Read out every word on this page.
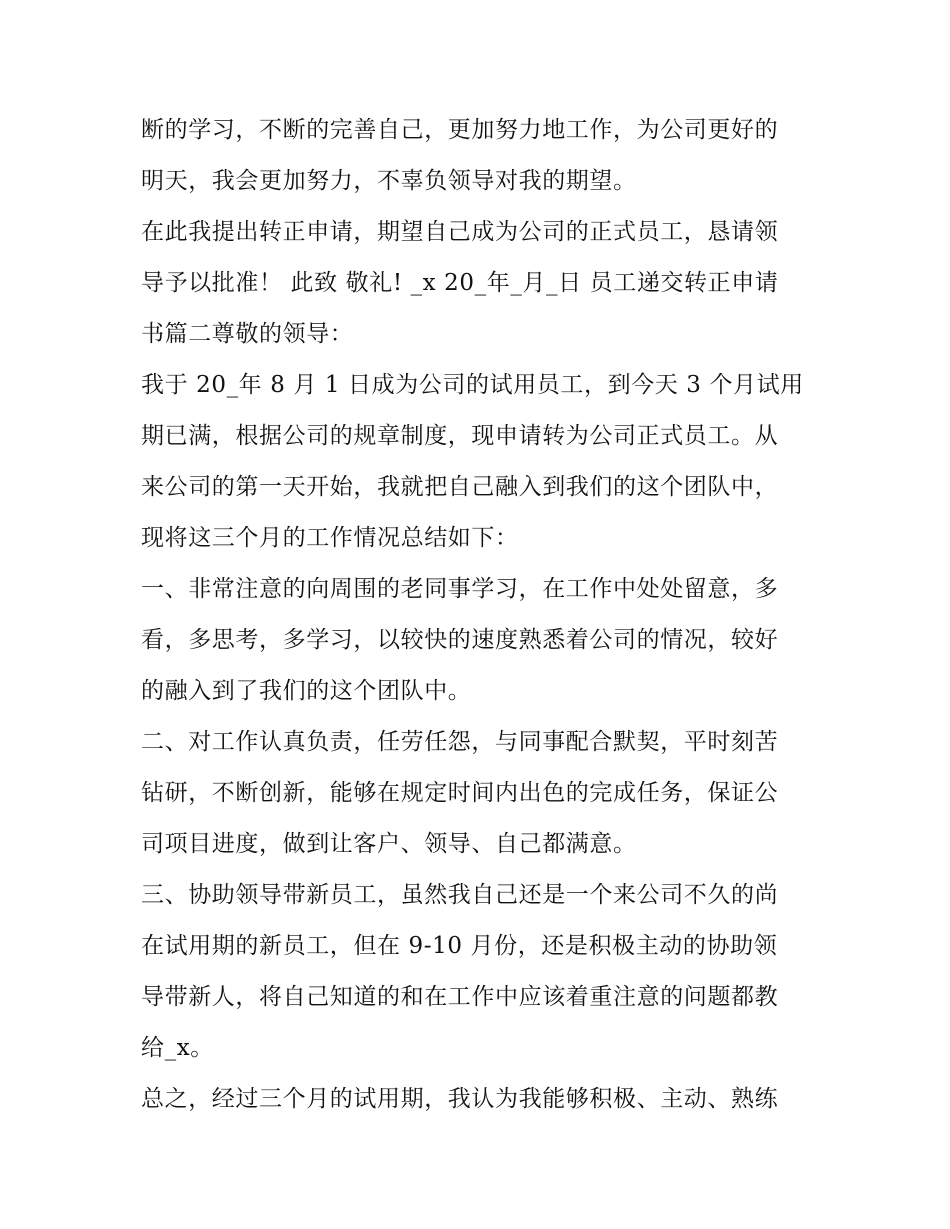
断的学习，不断的完善自己，更加努力地工作，为公司更好的
明天，我会更加努力，不辜负领导对我的期望。
在此我提出转正申请，期望自己成为公司的正式员工，恳请领
导予以批准！ 此致 敬礼! _x 20_年_月_日 员工递交转正申请
书篇二尊敬的领导：
我于 20_年 8 月 1 日成为公司的试用员工，到今天 3 个月试用
期已满，根据公司的规章制度，现申请转为公司正式员工。从
来公司的第一天开始，我就把自己融入到我们的这个团队中，
现将这三个月的工作情况总结如下：
一、非常注意的向周围的老同事学习，在工作中处处留意，多
看，多思考，多学习，以较快的速度熟悉着公司的情况，较好
的融入到了我们的这个团队中。
二、对工作认真负责，任劳任怨，与同事配合默契，平时刻苦
钻研，不断创新，能够在规定时间内出色的完成任务，保证公
司项目进度，做到让客户、领导、自己都满意。
三、协助领导带新员工，虽然我自己还是一个来公司不久的尚
在试用期的新员工，但在 9-10 月份，还是积极主动的协助领
导带新人，将自己知道的和在工作中应该着重注意的问题都教
给_x。
总之，经过三个月的试用期，我认为我能够积极、主动、熟练
